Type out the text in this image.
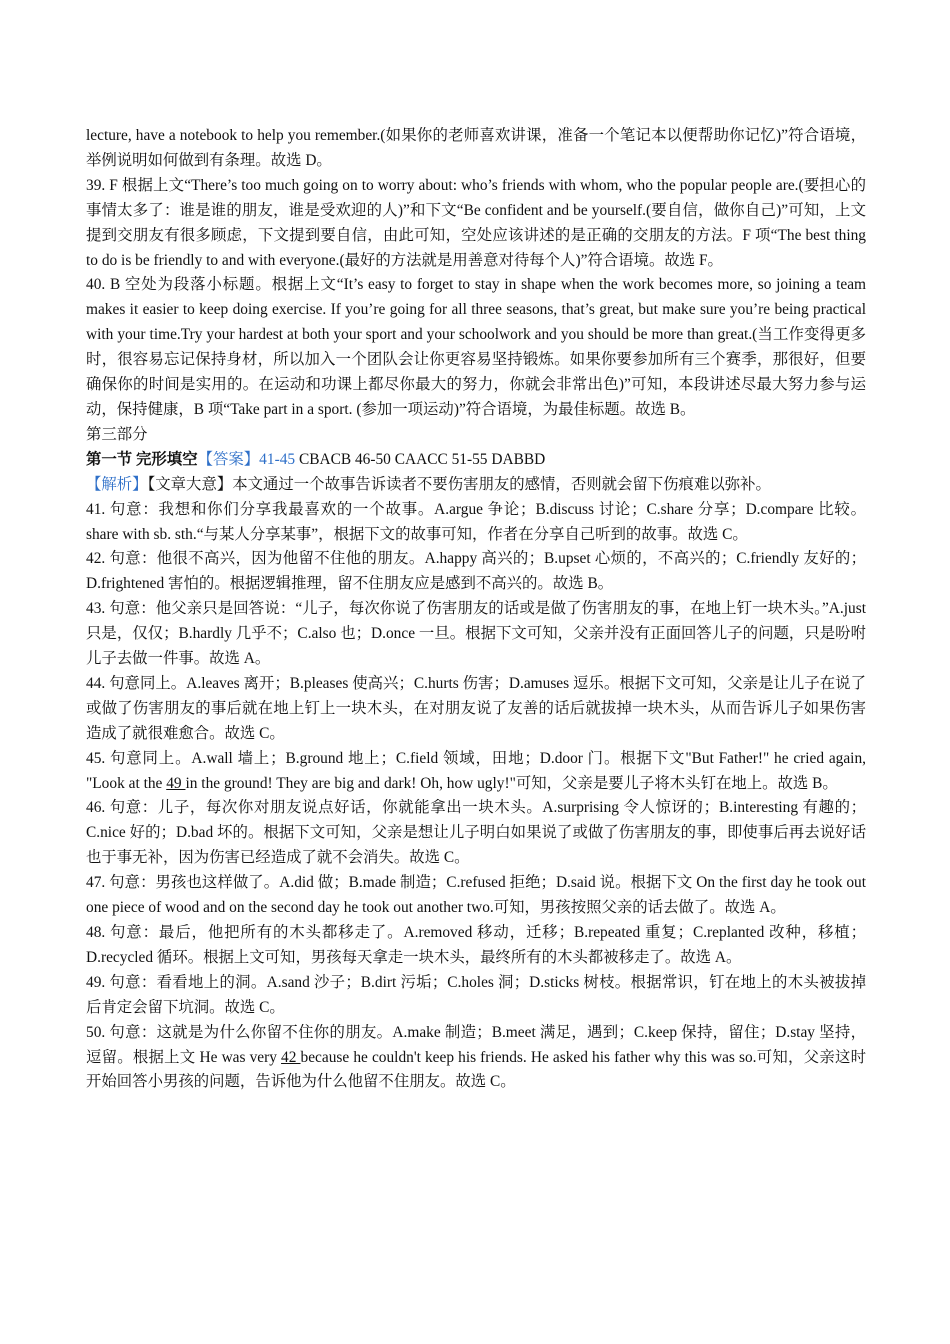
lecture, have a notebook to help you remember.(如果你的老师喜欢讲课，准备一个笔记本以便帮助你记忆)”符合语境，举例说明如何做到有条理。故选 D。

39. F 根据上文“There’s too much going on to worry about: who’s friends with whom, who the popular people are.(要担心的事情太多了：谁是谁的朋友，谁是受欢迎的人)”和下文“Be confident and be yourself.(要自信，做你自己)”可知，上文提到交朋友有很多顾虑，下文提到要自信，由此可知，空处应该讲述的是正确的交朋友的方法。F 项“The best thing to do is be friendly to and with everyone.(最好的方法就是用善意对待每个人)”符合语境。故选 F。

40. B 空处为段落小标题。根据上文“It’s easy to forget to stay in shape when the work becomes more, so joining a team makes it easier to keep doing exercise. If you’re going for all three seasons, that’s great, but make sure you’re being practical with your time.Try your hardest at both your sport and your schoolwork and you should be more than great.(当工作变得更多时，很容易忘记保持身材，所以加入一个团队会让你更容易坚持锻炼。如果你要参加所有三个赛季，那很好，但要确保你的时间是实用的。在运动和功课上都尽你最大的努力，你就会非常出色)”可知，本段讲述尽最大努力参与运动，保持健康，B 项“Take part in a sport. (参加一项运动)”符合语境，为最佳标题。故选 B。

第三部分

第一节 完形填空【答案】41-45 CBACB 46-50 CAACC 51-55 DABBD

【解析】【文章大意】本文通过一个故事告诉读者不要伤害朋友的感情，否则就会留下伤痕难以弥补。

41. 句意：我想和你们分享我最喜欢的一个故事。A.argue 争论；B.discuss 讨论；C.share 分享；D.compare 比较。share with sb. sth.“与某人分享某事”，根据下文的故事可知，作者在分享自己听到的故事。故选 C。

42. 句意：他很不高兴，因为他留不住他的朋友。A.happy 高兴的；B.upset 心烦的，不高兴的；C.friendly 友好的；D.frightened 害怕的。根据逻辑推理，留不住朋友应是感到不高兴的。故选 B。

43. 句意：他父亲只是回答说：“儿子，每次你说了伤害朋友的话或是做了伤害朋友的事，在地上钉一块木头。”A.just 只是，仅仅；B.hardly 几乎不；C.also 也；D.once 一旦。根据下文可知，父亲并没有正面回答儿子的问题，只是吩咐儿子去做一件事。故选 A。

44. 句意同上。A.leaves 离开；B.pleases 使高兴；C.hurts 伤害；D.amuses 逗乐。根据下文可知，父亲是让儿子在说了或做了伤害朋友的事后就在地上钉上一块木头，在对朋友说了友善的话后就拔掉一块木头，从而告诉儿子如果伤害造成了就很难愈合。故选 C。

45. 句意同上。A.wall 墙上；B.ground 地上；C.field 领域，田地；D.door 门。根据下文"But Father!" he cried again, "Look at the 49 in the ground! They are big and dark! Oh, how ugly!"可知，父亲是要儿子将木头钉在地上。故选 B。

46. 句意：儿子，每次你对朋友说点好话，你就能拿出一块木头。A.surprising 令人惊讶的；B.interesting 有趣的；C.nice 好的；D.bad 坏的。根据下文可知，父亲是想让儿子明白如果说了或做了伤害朋友的事，即使事后再去说好话也于事无补，因为伤害已经造成了就不会消失。故选 C。

47. 句意：男孩也这样做了。A.did 做；B.made 制造；C.refused 拒绝；D.said 说。根据下文 On the first day he took out one piece of wood and on the second day he took out another two.可知，男孩按照父亲的话去做了。故选 A。

48. 句意：最后，他把所有的木头都移走了。A.removed 移动，迁移；B.repeated 重复；C.replanted 改种，移植；D.recycled 循环。根据上文可知，男孩每天拿走一块木头，最终所有的木头都被移走了。故选 A。

49. 句意：看看地上的洞。A.sand 沙子；B.dirt 污垢；C.holes 洞；D.sticks 树枝。根据常识，钉在地上的木头被拔掉后肯定会留下坑洞。故选 C。

50. 句意：这就是为什么你留不住你的朋友。A.make 制造；B.meet 满足，遇到；C.keep 保持，留住；D.stay 坚持，逗留。根据上文 He was very 42 because he couldn't keep his friends. He asked his father why this was so.可知，父亲这时开始回答小男孩的问题，告诉他为什么他留不住朋友。故选 C。
